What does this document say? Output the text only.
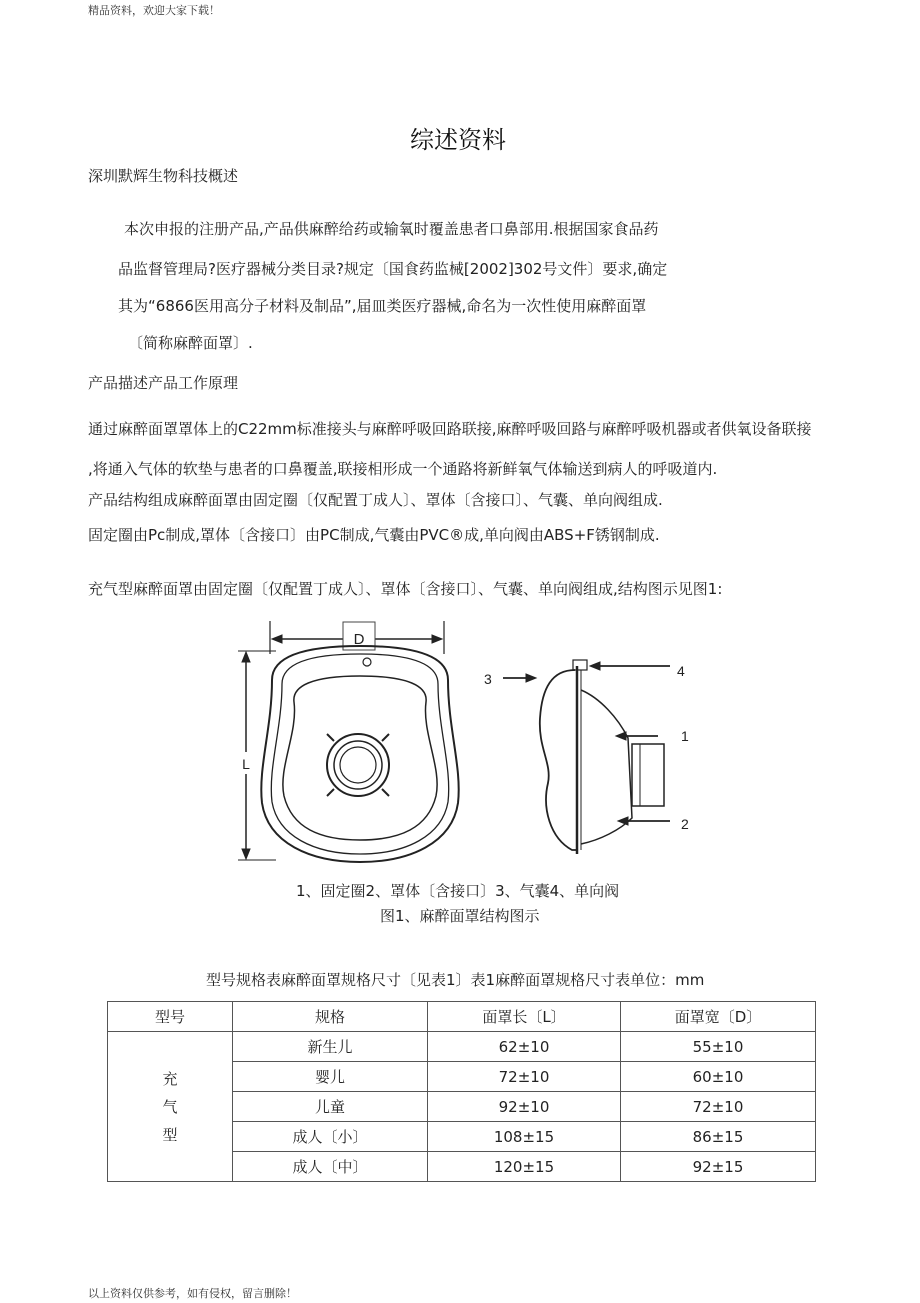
精品资料，欢迎大家下载！
综述资料
深圳默辉生物科技概述
本次申报的注册产品,产品供麻醉给药或输氧时覆盖患者口鼻部用.根据国家食品药
品监督管理局?医疗器械分类目录?规定〔国食药监械[2002]302号文件〕要求,确定
其为“6866医用高分子材料及制品”,届皿类医疗器械,命名为一次性使用麻醉面罩
〔简称麻醉面罩〕.
产品描述产品工作原理
通过麻醉面罩罩体上的C22mm标准接头与麻醉呼吸回路联接,麻醉呼吸回路与麻醉呼吸机器或者供氧设备联接
,将通入气体的软垫与患者的口鼻覆盖,联接相形成一个通路将新鲜氧气体输送到病人的呼吸道内.
产品结构组成麻醉面罩由固定圈〔仅配置丁成人〕、罩体〔含接口〕、气囊、单向阀组成.
固定圈由Pc制成,罩体〔含接口〕由PC制成,气囊由PVC®成,单向阀由ABS+F锈钢制成.
充气型麻醉面罩由固定圈〔仅配置丁成人〕、罩体〔含接口〕、气囊、单向阀组成,结构图示见图1:
D
L
3	4
1
2
1、固定圈2、罩体〔含接口〕3、气囊4、单向阀
图1、麻醉面罩结构图示
型号规格表麻醉面罩规格尺寸〔见表1〕表1麻醉面罩规格尺寸表单位：mm
型号	规格	面罩长〔L〕	面罩宽〔D〕

充
气
型	新生儿	62±10	55±10
	婴儿	72±10	60±10
	儿童	92±10	72±10
	成人〔小〕	108±15	86±15
	成人〔中〕	120±15	92±15
以上资料仅供参考，如有侵权，留言删除！
